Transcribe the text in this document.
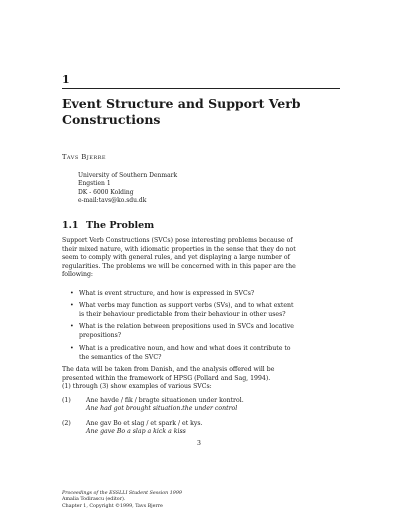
1
Event Structure and Support Verb
Constructions
Tavs Bjerre
University of Southern Denmark
Engstien 1
DK - 6000 Kolding
e-mail:tavs@ko.sdu.dk
1.1 The Problem
Support Verb Constructions (SVCs) pose interesting problems because of
their mixed nature, with idiomatic properties in the sense that they do not
seem to comply with general rules, and yet displaying a large number of
regularities. The problems we will be concerned with in this paper are the
following:
• What is event structure, and how is expressed in SVCs?
• What verbs may function as support verbs (SVs), and to what extent
is their behaviour predictable from their behaviour in other uses?
• What is the relation between prepositions used in SVCs and locative
prepositions?
• What is a predicative noun, and how and what does it contribute to
the semantics of the SVC?
The data will be taken from Danish, and the analysis offered will be
presented within the framework of HPSG (Pollard and Sag, 1994).
(1) through (3) show examples of various SVCs:
(1) Ane havde / fik / bragte situationen under kontrol.
Ane had got brought situation.the under control
(2) Ane gav Bo et slag / et spark / et kys.
Ane gave Bo a slap a kick a kiss
3
Proceedings of the ESSLLI Student Session 1999
Amalia Todirascu (editor).
Chapter 1, Copyright ©1999, Tavs Bjerre
